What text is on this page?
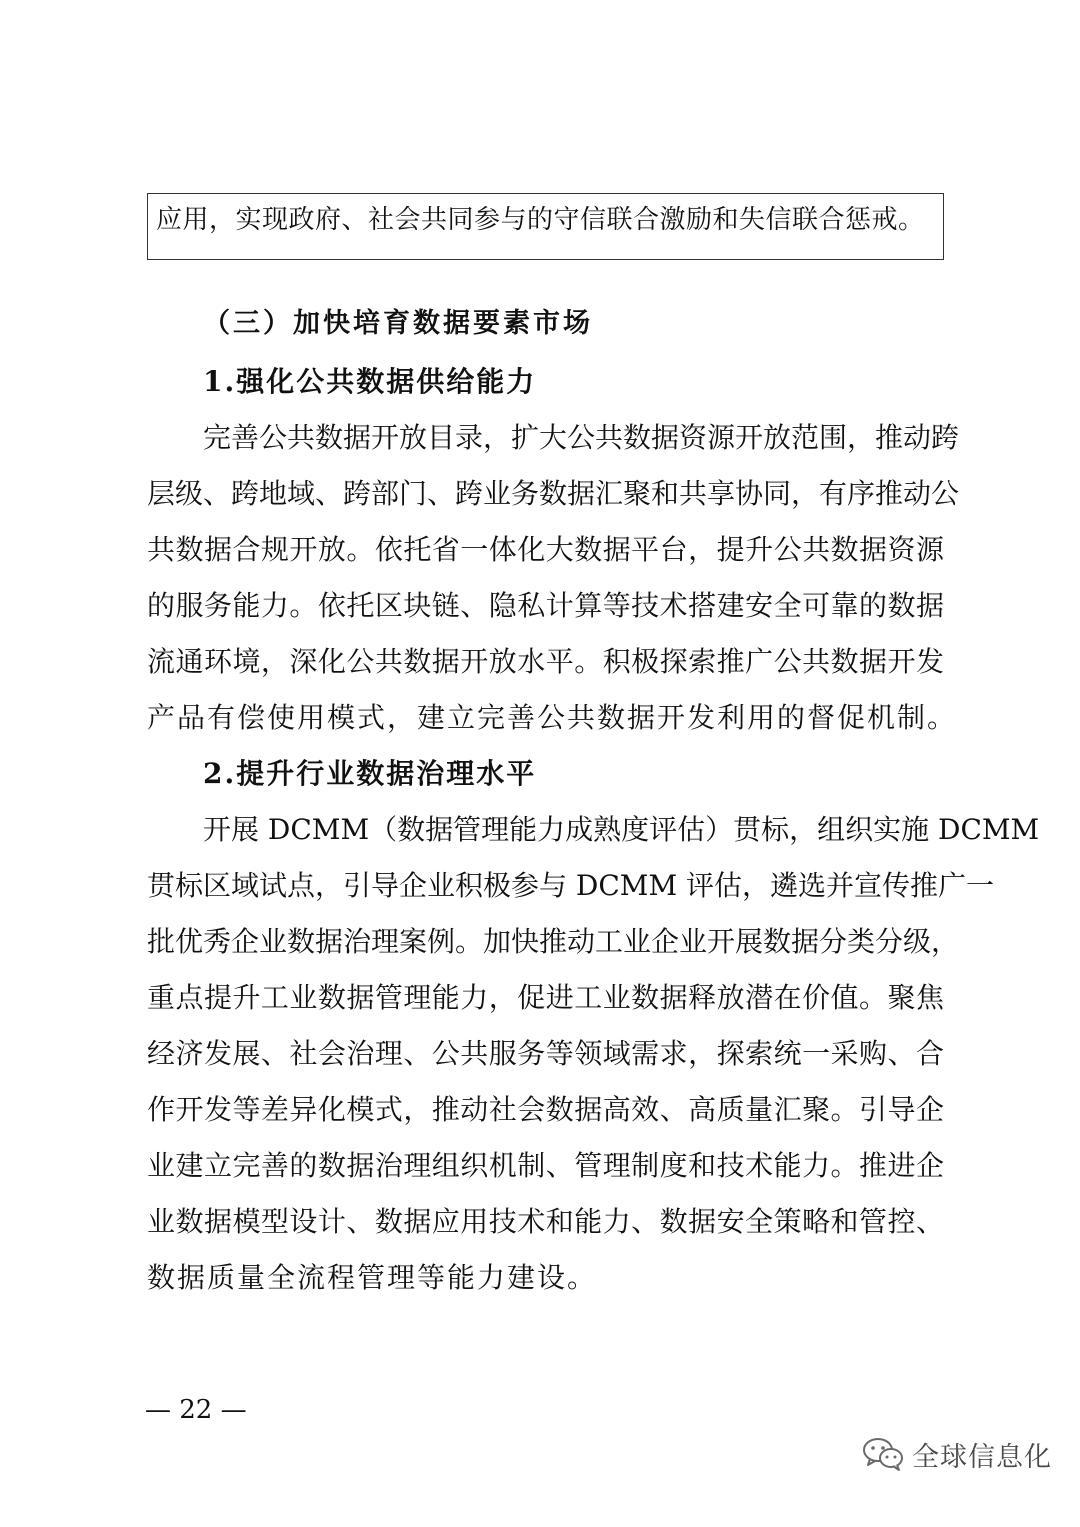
应用，实现政府、社会共同参与的守信联合激励和失信联合惩戒。
（三）加快培育数据要素市场
1.强化公共数据供给能力
完善公共数据开放目录，扩大公共数据资源开放范围，推动跨
层级、跨地域、跨部门、跨业务数据汇聚和共享协同，有序推动公
共数据合规开放。依托省一体化大数据平台，提升公共数据资源
的服务能力。依托区块链、隐私计算等技术搭建安全可靠的数据
流通环境，深化公共数据开放水平。积极探索推广公共数据开发
产品有偿使用模式，建立完善公共数据开发利用的督促机制。
2.提升行业数据治理水平
开展 DCMM（数据管理能力成熟度评估）贯标，组织实施 DCMM
贯标区域试点，引导企业积极参与 DCMM 评估，遴选并宣传推广一
批优秀企业数据治理案例。加快推动工业企业开展数据分类分级，
重点提升工业数据管理能力，促进工业数据释放潜在价值。聚焦
经济发展、社会治理、公共服务等领域需求，探索统一采购、合
作开发等差异化模式，推动社会数据高效、高质量汇聚。引导企
业建立完善的数据治理组织机制、管理制度和技术能力。推进企
业数据模型设计、数据应用技术和能力、数据安全策略和管控、
数据质量全流程管理等能力建设。
— 22 —
全球信息化
